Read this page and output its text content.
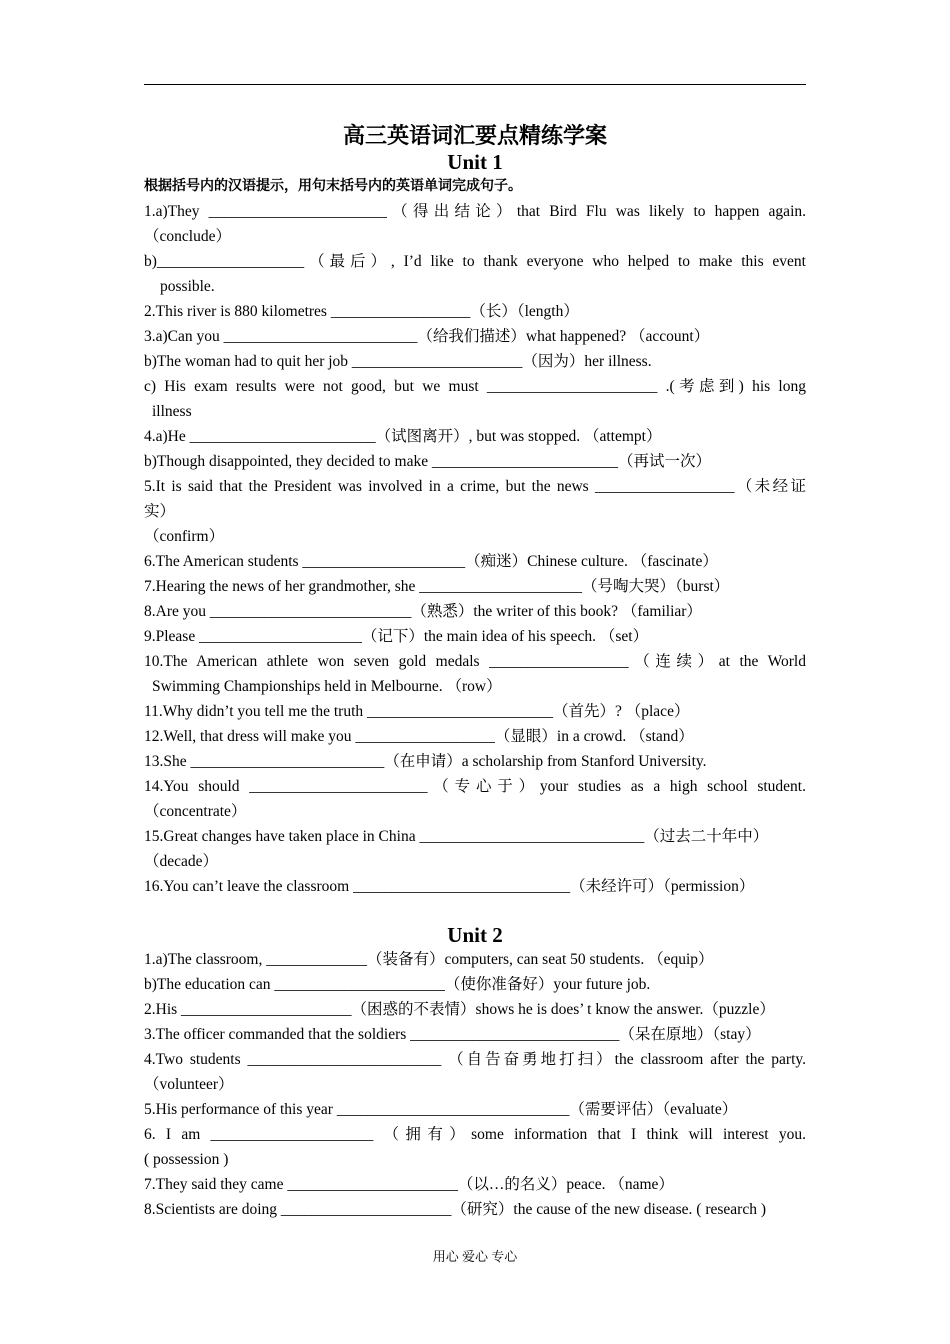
高三英语词汇要点精练学案
Unit 1

根据括号内的汉语提示，用句末括号内的英语单词完成句子。

1.a)They _______________________（得出结论）that Bird Flu was likely to happen again.

（conclude）

b)___________________（最后）, I’d like to thank everyone who helped to make this event

possible.

2.This river is 880 kilometres __________________（长）（length）

3.a)Can you _________________________（给我们描述）what happened? （account）

b)The woman had to quit her job ______________________（因为）her illness.

c) His exam results were not good, but we must ______________________ .(考虑到) his long

illness

4.a)He ________________________（试图离开）, but was stopped. （attempt）

b)Though disappointed, they decided to make ________________________（再试一次）

5.It is said that the President was involved in a crime, but the news __________________（未经证

实）

（confirm）

6.The American students _____________________（痴迷）Chinese culture. （fascinate）

7.Hearing the news of her grandmother, she _____________________（号啕大哭）（burst）

8.Are you __________________________（熟悉）the writer of this book? （familiar）

9.Please _____________________（记下）the main idea of his speech. （set）

10.The American athlete won seven gold medals __________________（连续）at the World

Swimming Championships held in Melbourne. （row）

11.Why didn’t you tell me the truth ________________________（首先）? （place）

12.Well, that dress will make you __________________（显眼）in a crowd. （stand）

13.She _________________________（在申请）a scholarship from Stanford University.

14.You should _______________________（专心于）your studies as a high school student.

（concentrate）

15.Great changes have taken place in China _____________________________（过去二十年中）

（decade）

16.You can’t leave the classroom ____________________________（未经许可）（permission）

Unit 2

1.a)The classroom, _____________（装备有）computers, can seat 50 students. （equip）

b)The education can ______________________（使你准备好）your future job.

2.His ______________________（困惑的不表情）shows he is does’ t know the answer.（puzzle）

3.The officer commanded that the soldiers ___________________________（呆在原地）（stay）

4.Two students _________________________ （自告奋勇地打扫）the classroom after the party.

（volunteer）

5.His performance of this year ______________________________（需要评估）（evaluate）

6. I am _____________________ （拥有）some information that I think will interest you.

( possession )

7.They said they came ______________________（以…的名义）peace. （name）

8.Scientists are doing ______________________（研究）the cause of the new disease. ( research )

用心 爱心 专心
